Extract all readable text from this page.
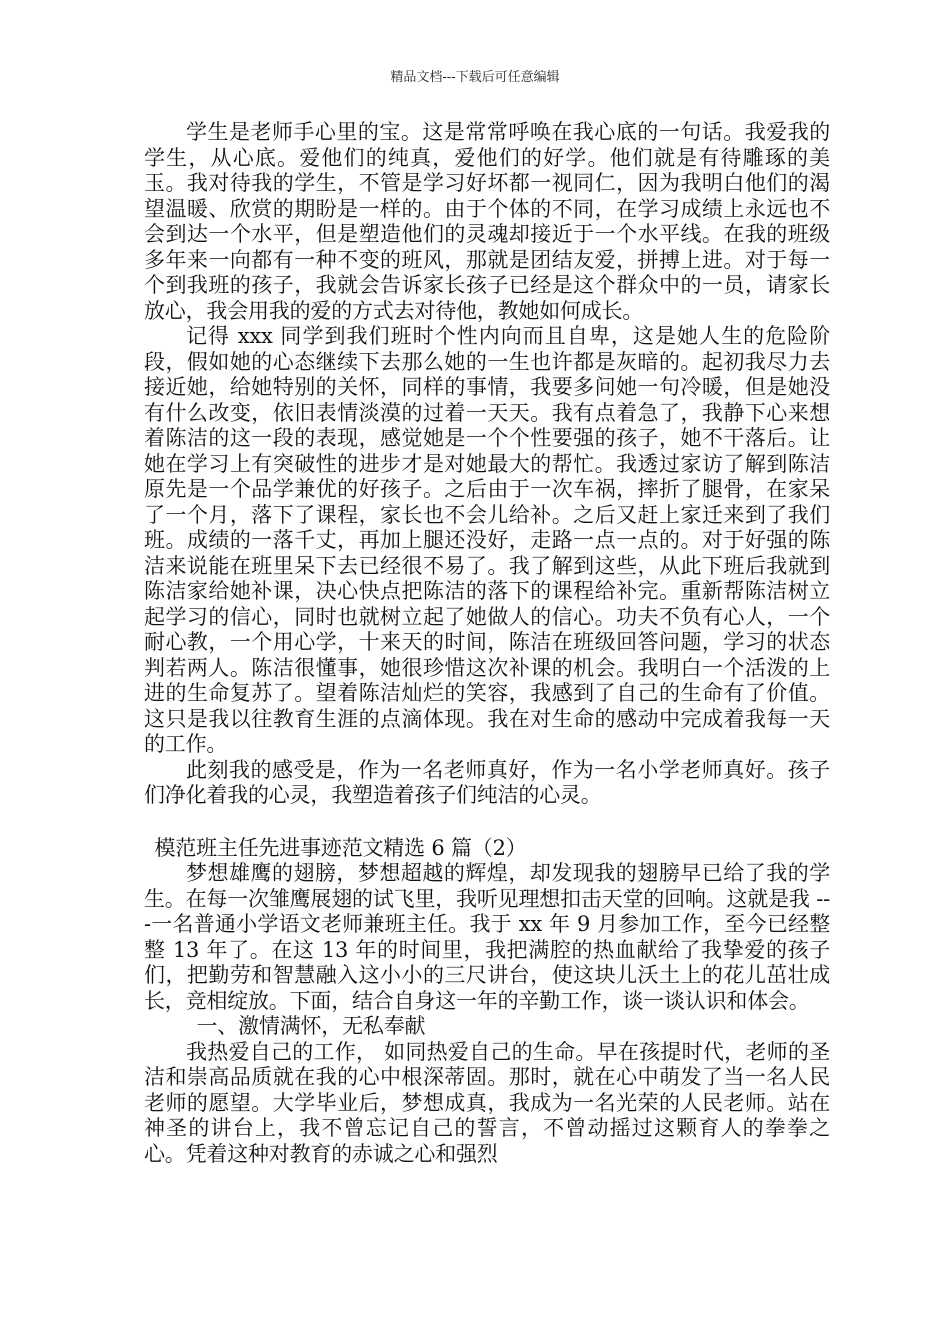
精品文档---下载后可任意编辑

学生是老师手心里的宝。这是常常呼唤在我心底的一句话。我爱我的学生，从心底。爱他们的纯真，爱他们的好学。他们就是有待雕琢的美玉。我对待我的学生，不管是学习好坏都一视同仁，因为我明白他们的渴望温暖、欣赏的期盼是一样的。由于个体的不同，在学习成绩上永远也不会到达一个水平，但是塑造他们的灵魂却接近于一个水平线。在我的班级多年来一向都有一种不变的班风，那就是团结友爱，拼搏上进。对于每一个到我班的孩子，我就会告诉家长孩子已经是这个群众中的一员，请家长放心，我会用我的爱的方式去对待他，教她如何成长。

记得 xxx 同学到我们班时个性内向而且自卑，这是她人生的危险阶段，假如她的心态继续下去那么她的一生也许都是灰暗的。起初我尽力去接近她，给她特别的关怀，同样的事情，我要多问她一句冷暖，但是她没有什么改变，依旧表情淡漠的过着一天天。我有点着急了，我静下心来想着陈洁的这一段的表现，感觉她是一个个性要强的孩子，她不干落后。让她在学习上有突破性的进步才是对她最大的帮忙。我透过家访了解到陈洁原先是一个品学兼优的好孩子。之后由于一次车祸，摔折了腿骨，在家呆了一个月，落下了课程，家长也不会儿给补。之后又赶上家迁来到了我们班。成绩的一落千丈，再加上腿还没好，走路一点一点的。对于好强的陈洁来说能在班里呆下去已经很不易了。我了解到这些，从此下班后我就到陈洁家给她补课，决心快点把陈洁的落下的课程给补完。重新帮陈洁树立起学习的信心，同时也就树立起了她做人的信心。功夫不负有心人，一个耐心教，一个用心学，十来天的时间，陈洁在班级回答问题，学习的状态判若两人。陈洁很懂事，她很珍惜这次补课的机会。我明白一个活泼的上进的生命复苏了。望着陈洁灿烂的笑容，我感到了自己的生命有了价值。这只是我以往教育生涯的点滴体现。我在对生命的感动中完成着我每一天的工作。

此刻我的感受是，作为一名老师真好，作为一名小学老师真好。孩子们净化着我的心灵，我塑造着孩子们纯洁的心灵。

模范班主任先进事迹范文精选 6 篇（2）

梦想雄鹰的翅膀，梦想超越的辉煌，却发现我的翅膀早已给了我的学生。在每一次雏鹰展翅的试飞里，我听见理想扣击天堂的回响。这就是我 ---一名普通小学语文老师兼班主任。我于 xx 年 9 月参加工作，至今已经整整 13 年了。在这 13 年的时间里，我把满腔的热血献给了我挚爱的孩子们，把勤劳和智慧融入这小小的三尺讲台，使这块儿沃土上的花儿茁壮成长，竞相绽放。下面，结合自身这一年的辛勤工作，谈一谈认识和体会。

一、激情满怀，无私奉献

我热爱自己的工作， 如同热爱自己的生命。早在孩提时代，老师的圣洁和崇高品质就在我的心中根深蒂固。那时，就在心中萌发了当一名人民老师的愿望。大学毕业后，梦想成真，我成为一名光荣的人民老师。站在神圣的讲台上，我不曾忘记自己的誓言，不曾动摇过这颗育人的拳拳之心。凭着这种对教育的赤诚之心和强烈
